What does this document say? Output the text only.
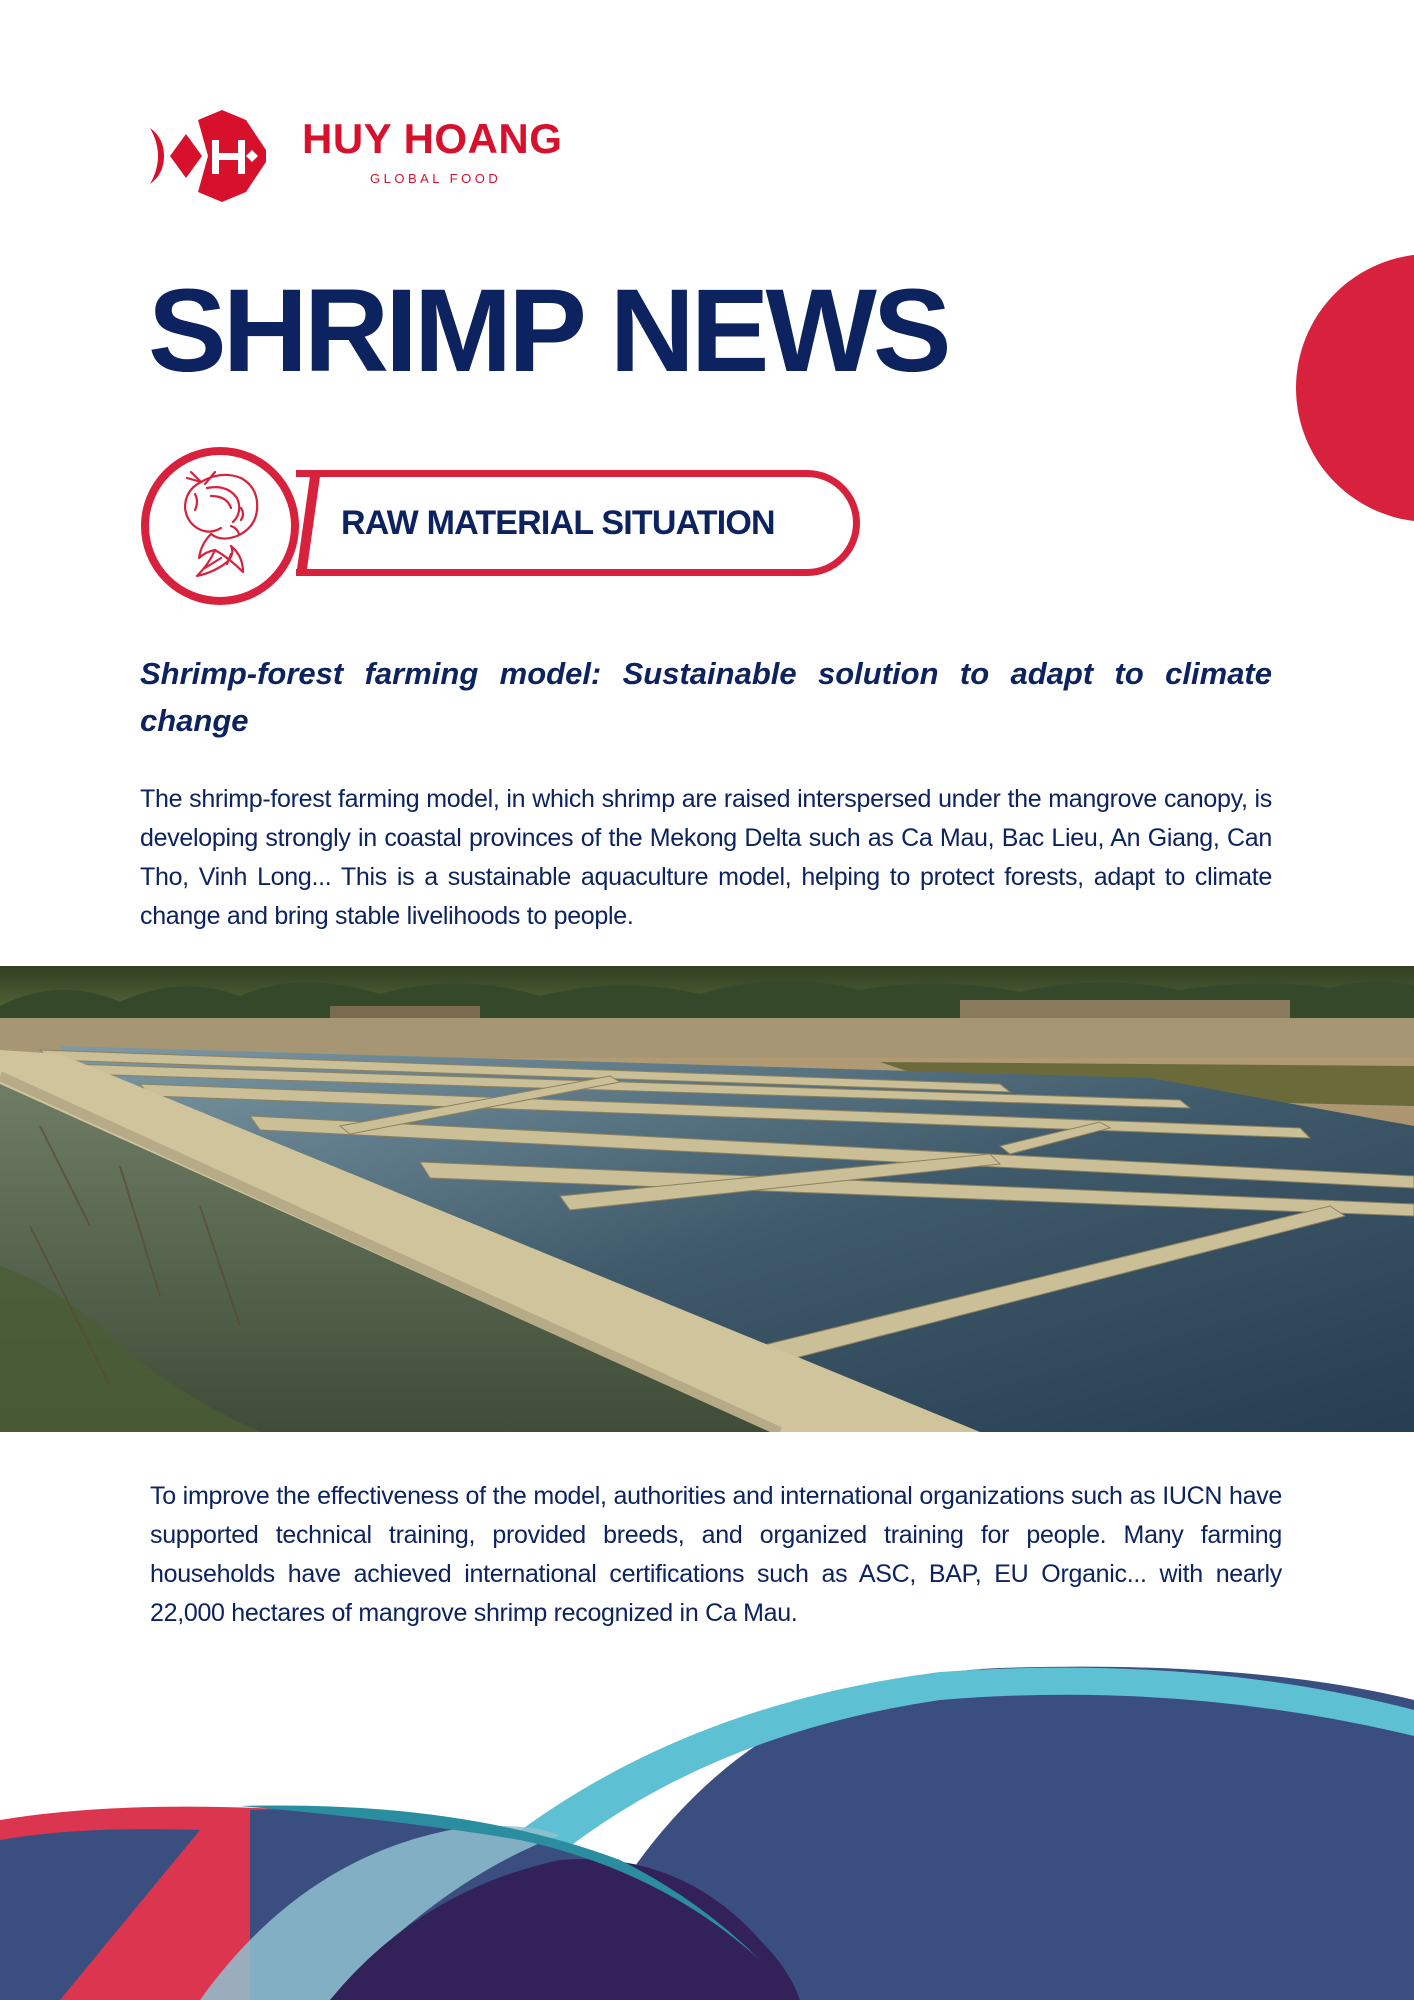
HUY HOANG
GLOBAL FOOD
SHRIMP NEWS
RAW MATERIAL SITUATION
Shrimp-forest farming model: Sustainable solution to adapt to climate change
The shrimp-forest farming model, in which shrimp are raised interspersed under the mangrove canopy, is developing strongly in coastal provinces of the Mekong Delta such as Ca Mau, Bac Lieu, An Giang, Can Tho, Vinh Long... This is a sustainable aquaculture model, helping to protect forests, adapt to climate change and bring stable livelihoods to people.
To improve the effectiveness of the model, authorities and international organizations such as IUCN have supported technical training, provided breeds, and organized training for people. Many farming households have achieved international certifications such as ASC, BAP, EU Organic... with nearly 22,000 hectares of mangrove shrimp recognized in Ca Mau.
